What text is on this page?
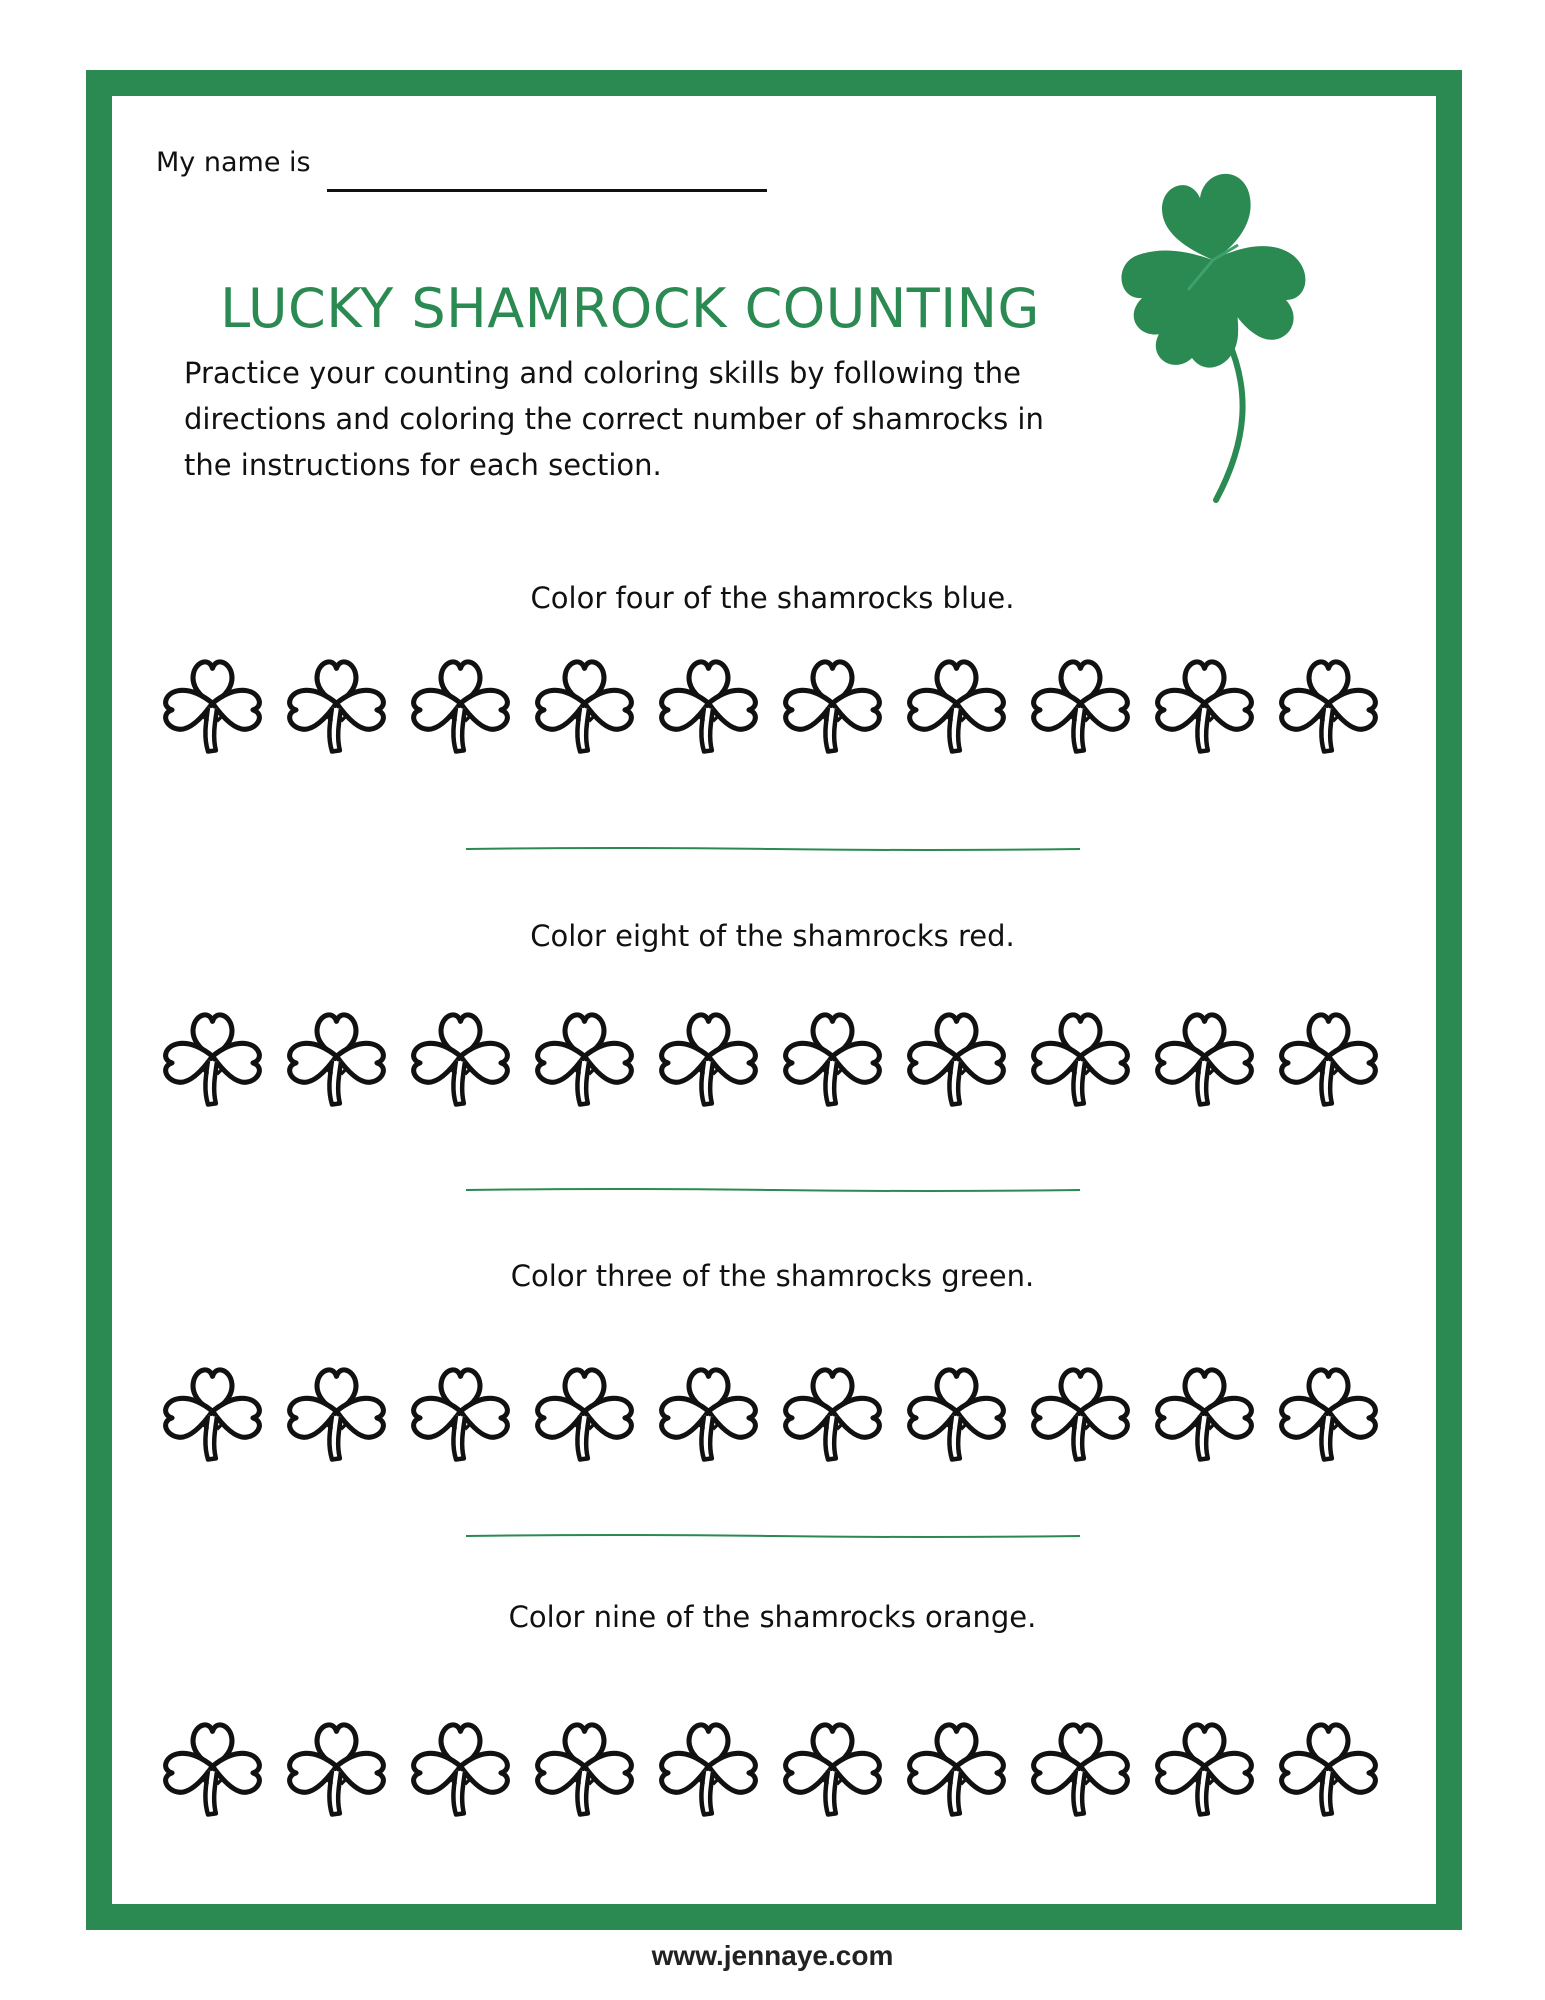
My name is
LUCKY SHAMROCK COUNTING
Practice your counting and coloring skills by following the directions and coloring the correct number of shamrocks in the instructions for each section.
Color four of the shamrocks blue.
Color eight of the shamrocks red.
Color three of the shamrocks green.
Color nine of the shamrocks orange.
www.jennaye.com
